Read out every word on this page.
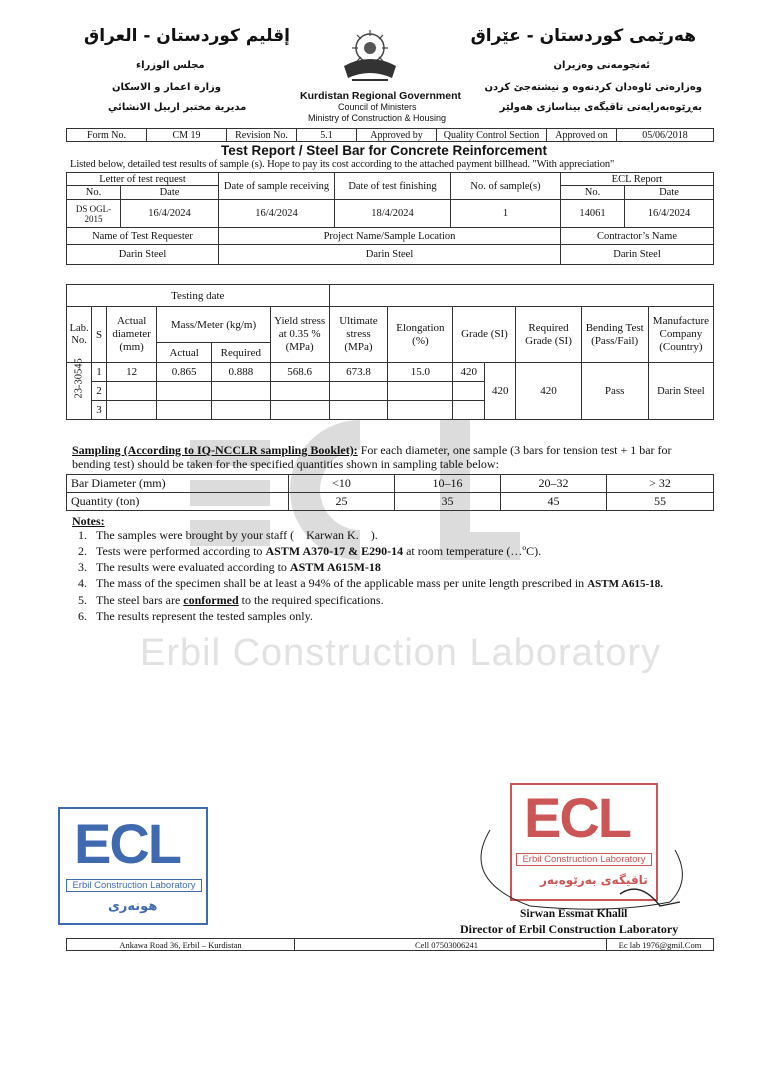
إقليم كوردستان - العراق
مجلس الوزراء
وزارة اعمار و الاسكان
مديرية مختبر اربيل الانشائي
Kurdistan Regional Government
Council of Ministers
Ministry of Construction & Housing
هەرێمی کوردستان - عێراق
ئەنجومەنی وەزیران
وەزارەتی ئاوەدان کردنەوە و نیشتەجێ کردن
بەڕێوەبەرایەتی تاقیگەی بیناسازی هەولێر
Form No.	CM 19	Revision No.	5.1	Approved by	Quality Control Section	Approved on	05/06/2018
Test Report / Steel Bar for Concrete Reinforcement
Listed below, detailed test results of sample (s). Hope to pay its cost according to the attached payment billhead. "With appreciation"
Letter of test request		Date of sample receiving	Date of test finishing	No. of sample(s)	ECL Report	
No.	Date				No.	Date
DS OGL-2015	16/4/2024	16/4/2024	18/4/2024	1	14061	16/4/2024
Name of Test Requester		Project Name/Sample Location			Contractor’s Name	
Darin Steel		Darin Steel			Darin Steel	
Testing date												
Lab. No.	S	Actual diameter (mm)	Mass/Meter (kg/m)		Yield stress at 0.35 % (MPa)	Ultimate stress (MPa)	Elongation (%)	Grade (SI)		Required Grade (SI)	Bending Test (Pass/Fail)	Manufacture Company (Country)
			Actual	Required								

23-30545	1	12	0.865	0.888	568.6	673.8	15.0	420	420	420	Pass	Darin Steel
	2											
	3											
Sampling (According to IQ-NCCLR sampling Booklet): For each diameter, one sample (3 bars for tension test + 1 bar for bending test) should be taken for the specified quantities shown in sampling table below:
Bar Diameter (mm)	<10	10–16	20–32	> 32
Quantity (ton)	25	35	45	55
Notes:
1. The samples were brought by your staff ( Karwan K. ).
2. Tests were performed according to ASTM A370-17 & E290-14 at room temperature (…ºC).
3. The results were evaluated according to ASTM A615M-18
4. The mass of the specimen shall be at least a 94% of the applicable mass per unite length prescribed in ASTM A615-18.
5. The steel bars are conformed to the required specifications.
6. The results represent the tested samples only.
Erbil Construction Laboratory
ECL
Erbil Construction Laboratory
هونەری
ECL
Erbil Construction Laboratory
تاقیگەی بەرێوەبەر
Sirwan Essmat Khalil
Director of Erbil Construction Laboratory
Ankawa Road 36, Erbil – Kurdistan	Cell 07503006241	Ec lab 1976@gmil.Com
